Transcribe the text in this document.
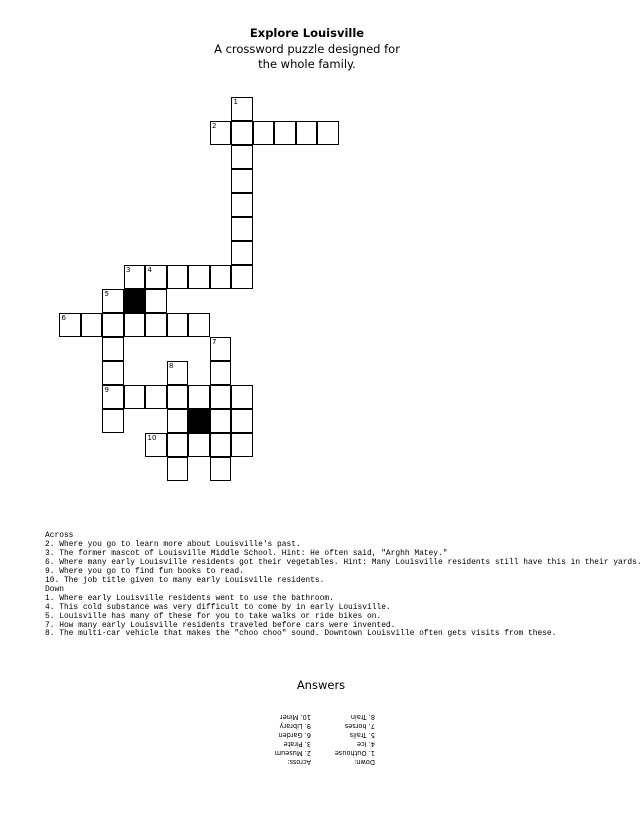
Explore Louisville
A crossword puzzle designed for
the whole family.
1
2
3 4
5
6
7
8
9
10
Across
2. Where you go to learn more about Louisville's past.
3. The former mascot of Louisville Middle School. Hint: He often said, "Arghh Matey."
6. Where many early Louisville residents got their vegetables. Hint: Many Louisville residents still have this in their yards.
9. Where you go to find fun books to read.
10. The job title given to many early Louisville residents.
Down
1. Where early Louisville residents went to use the bathroom.
4. This cold substance was very difficult to come by in early Louisville.
5. Louisville has many of these for you to take walks or ride bikes on.
7. How many early Louisville residents traveled before cars were invented.
8. The multi-car vehicle that makes the "choo choo" sound. Downtown Louisville often gets visits from these.
Answers
Down:
1. Outhouse
4. Ice
5. Trails
7. horses
8. Train
Across:
2. Museum
3. Pirate
6. Garden
9. Library
10. Miner
